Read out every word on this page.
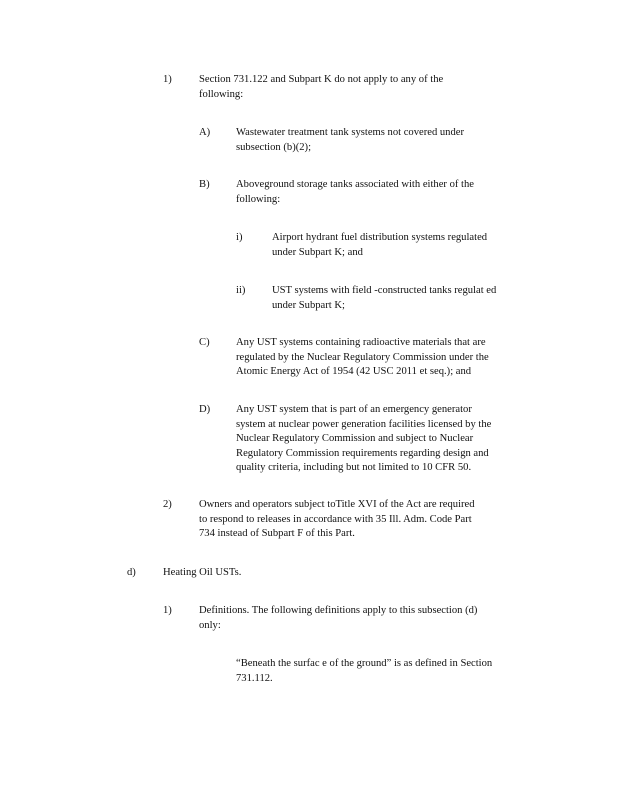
1)	Section 731.122 and Subpart K do not apply to any of the
following:
A) Wastewater treatment tank systems not covered under
subsection (b)(2);
B) Aboveground storage tanks associated with either of the
following:
i)	Airport hydrant fuel distribution systems regulated
under Subpart K; and
ii)	UST systems with field -constructed tanks regulat ed
under Subpart K;
C) Any UST systems containing radioactive materials that are
regulated by the Nuclear Regulatory Commission under the
Atomic Energy Act of 1954 (42 USC 2011 et seq.); and
D) Any UST system that is part of an emergency generator
system at nuclear power generation facilities licensed by the
Nuclear Regulatory Commission and subject to Nuclear
Regulatory Commission requirements regarding design and
quality criteria, including but not limited to 10 CFR 50.
2)	Owners and operators subject toTitle XVI of the Act are required
to respond to releases in accordance with 35 Ill. Adm. Code Part
734 instead of Subpart F of this Part.
d)	Heating Oil USTs.
1)	Definitions. The following definitions apply to this subsection (d)
only:
“Beneath the surfac e of the ground” is as defined in Section
731.112.
